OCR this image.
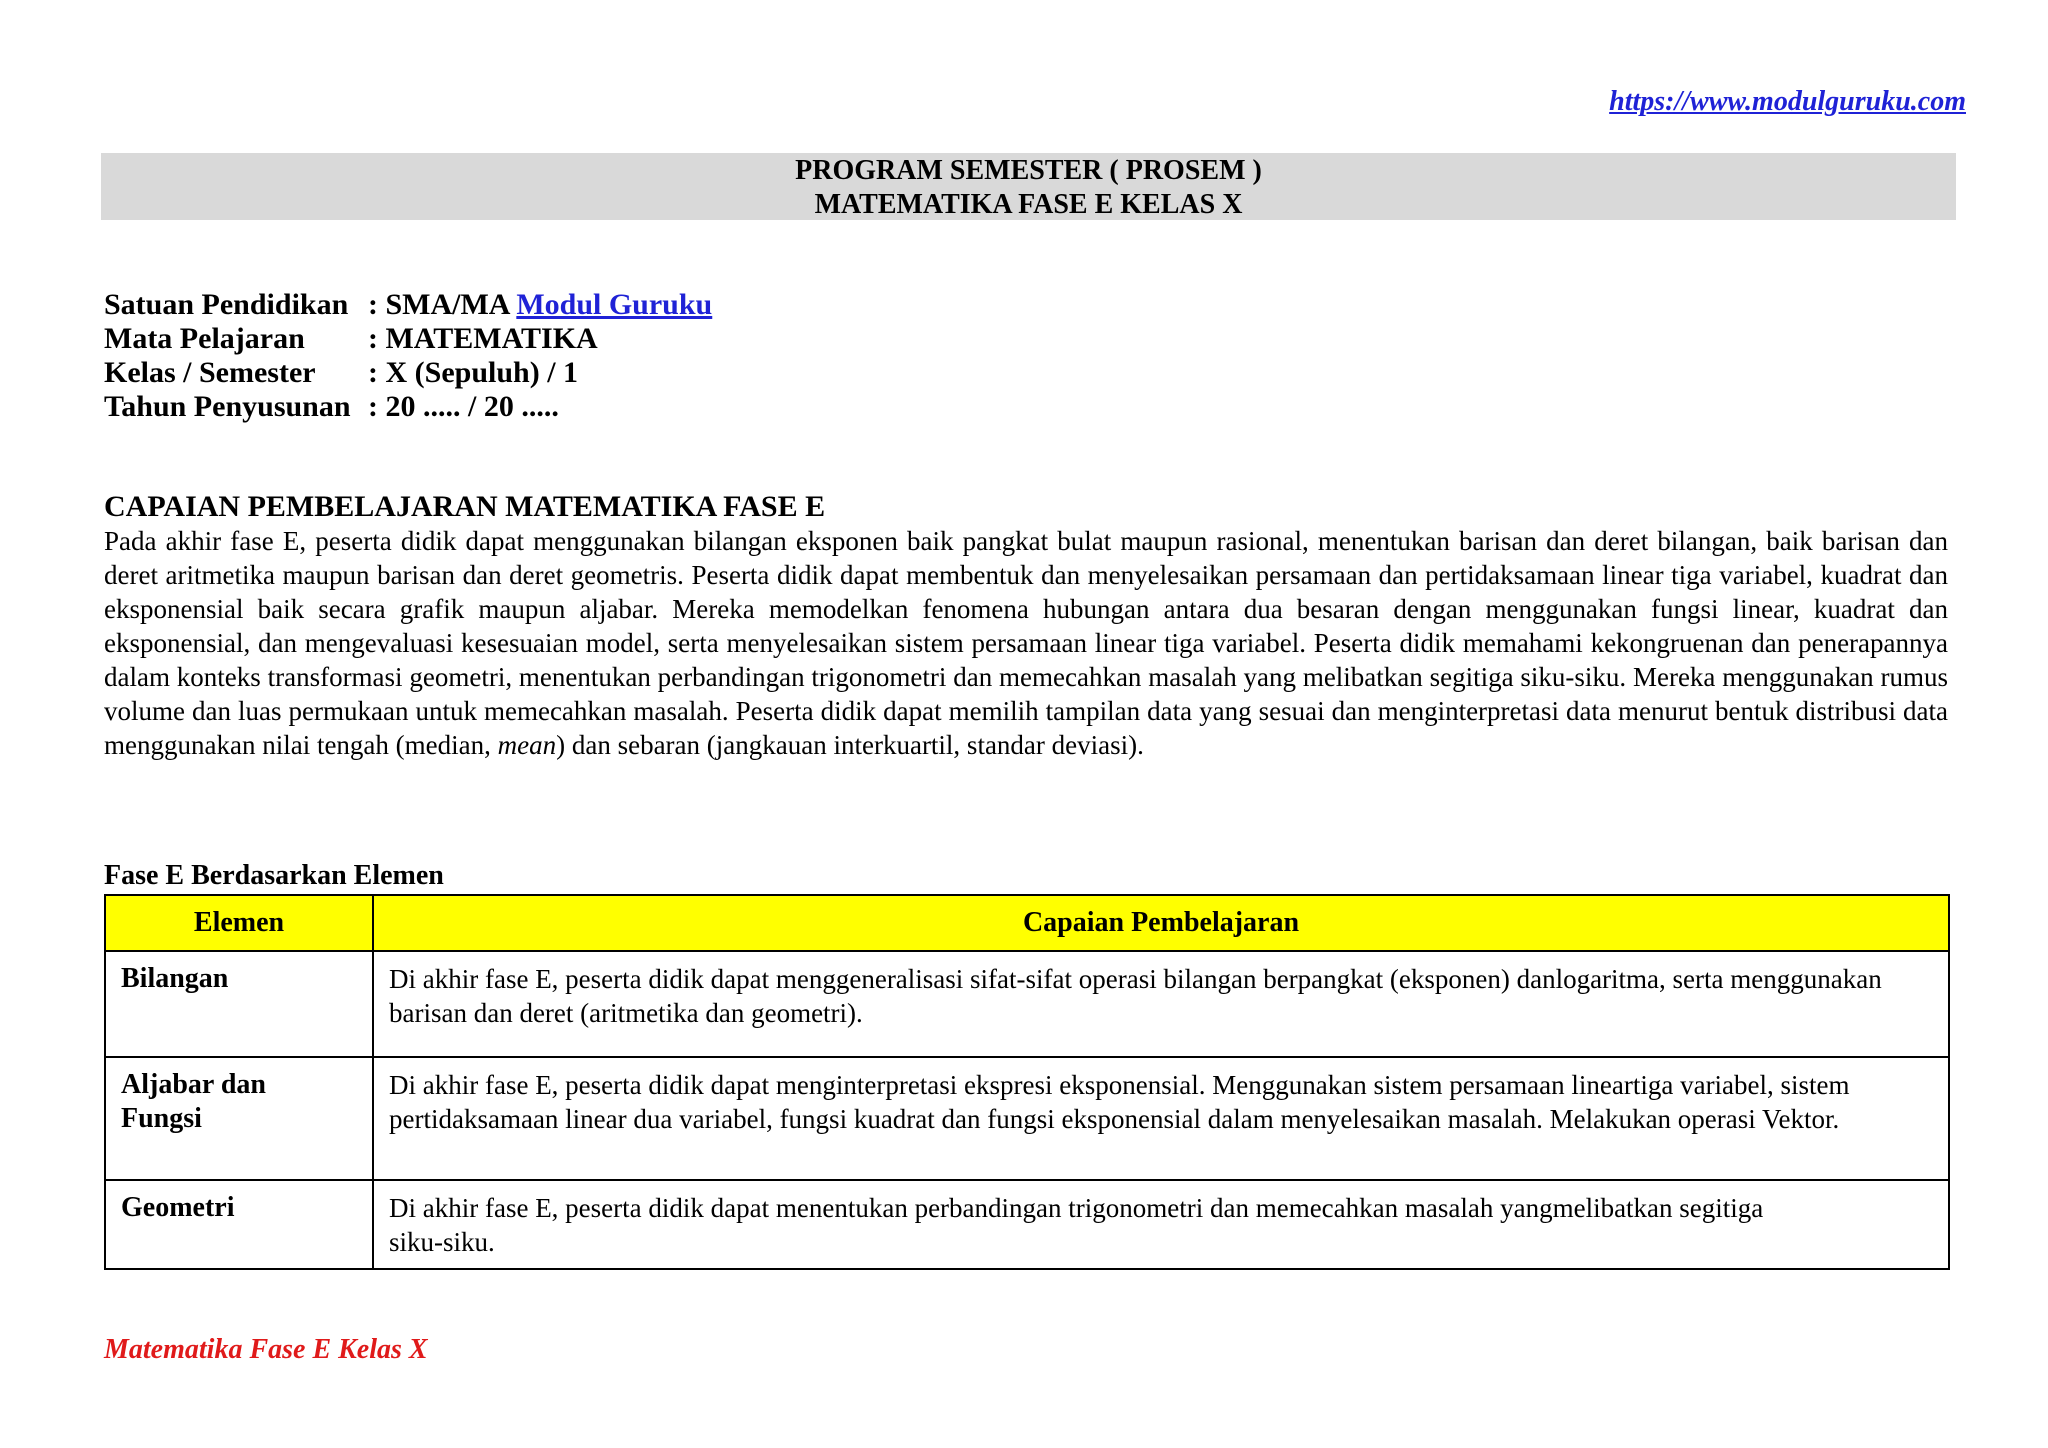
https://www.modulguruku.com
PROGRAM SEMESTER ( PROSEM )
MATEMATIKA FASE E KELAS X
Satuan Pendidikan : SMA/MA Modul Guruku
Mata Pelajaran : MATEMATIKA
Kelas / Semester : X (Sepuluh) / 1
Tahun Penyusunan : 20 ..... / 20 .....
CAPAIAN PEMBELAJARAN MATEMATIKA FASE E
Pada akhir fase E, peserta didik dapat menggunakan bilangan eksponen baik pangkat bulat maupun rasional, menentukan barisan dan deret bilangan, baik barisan dan deret aritmetika maupun barisan dan deret geometris. Peserta didik dapat membentuk dan menyelesaikan persamaan dan pertidaksamaan linear tiga variabel, kuadrat dan eksponensial baik secara grafik maupun aljabar. Mereka memodelkan fenomena hubungan antara dua besaran dengan menggunakan fungsi linear, kuadrat dan eksponensial, dan mengevaluasi kesesuaian model, serta menyelesaikan sistem persamaan linear tiga variabel. Peserta didik memahami kekongruenan dan penerapannya dalam konteks transformasi geometri, menentukan perbandingan trigonometri dan memecahkan masalah yang melibatkan segitiga siku-siku. Mereka menggunakan rumus volume dan luas permukaan untuk memecahkan masalah. Peserta didik dapat memilih tampilan data yang sesuai dan menginterpretasi data menurut bentuk distribusi data menggunakan nilai tengah (median, mean) dan sebaran (jangkauan interkuartil, standar deviasi).
Fase E Berdasarkan Elemen
Elemen	Capaian Pembelajaran
Bilangan	Di akhir fase E, peserta didik dapat menggeneralisasi sifat-sifat operasi bilangan berpangkat (eksponen) danlogaritma, serta menggunakan barisan dan deret (aritmetika dan geometri).

Aljabar dan Fungsi	Di akhir fase E, peserta didik dapat menginterpretasi ekspresi eksponensial. Menggunakan sistem persamaan lineartiga variabel, sistem pertidaksamaan linear dua variabel, fungsi kuadrat dan fungsi eksponensial dalam menyelesaikan masalah. Melakukan operasi Vektor.
Geometri	Di akhir fase E, peserta didik dapat menentukan perbandingan trigonometri dan memecahkan masalah yangmelibatkan segitiga siku-siku.
Matematika Fase E Kelas X
